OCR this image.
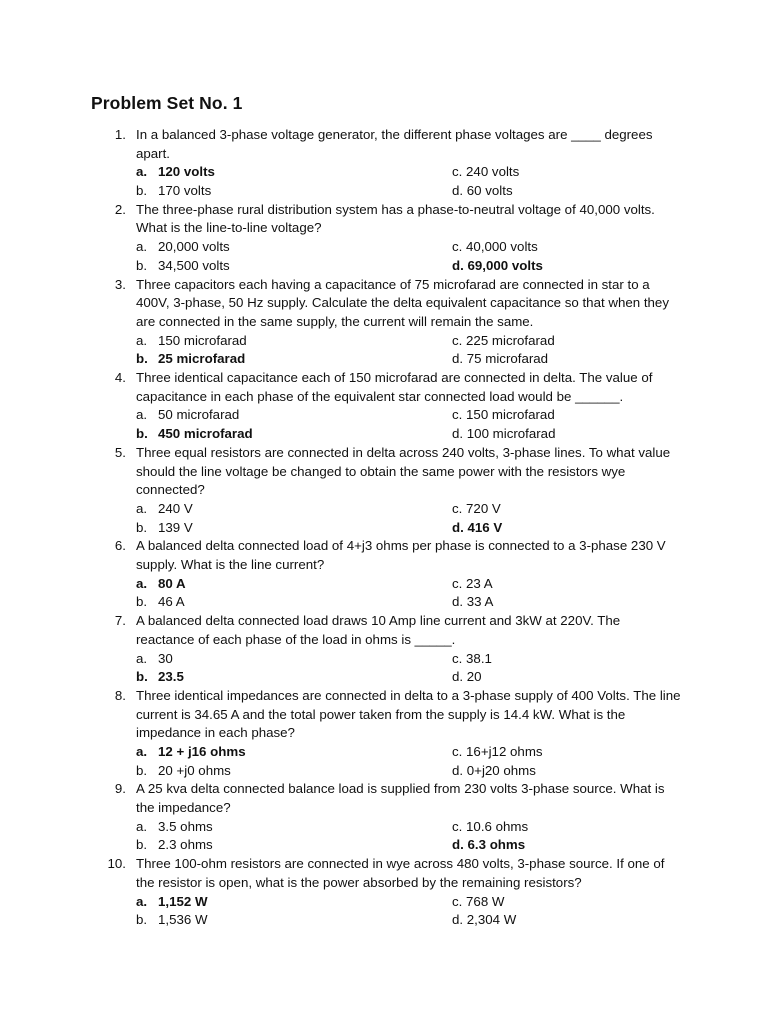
Problem Set No. 1
1. In a balanced 3-phase voltage generator, the different phase voltages are ____ degrees apart.
a. 120 volts	c. 240 volts
b. 170 volts	d. 60 volts
2. The three-phase rural distribution system has a phase-to-neutral voltage of 40,000 volts. What is the line-to-line voltage?
a. 20,000 volts	c. 40,000 volts
b. 34,500 volts	d. 69,000 volts
3. Three capacitors each having a capacitance of 75 microfarad are connected in star to a 400V, 3-phase, 50 Hz supply. Calculate the delta equivalent capacitance so that when they are connected in the same supply, the current will remain the same.
a. 150 microfarad	c. 225 microfarad
b. 25 microfarad	d. 75 microfarad
4. Three identical capacitance each of 150 microfarad are connected in delta. The value of capacitance in each phase of the equivalent star connected load would be ______.
a. 50 microfarad	c. 150 microfarad
b. 450 microfarad	d. 100 microfarad
5. Three equal resistors are connected in delta across 240 volts, 3-phase lines. To what value should the line voltage be changed to obtain the same power with the resistors wye connected?
a. 240 V	c. 720 V
b. 139 V	d. 416 V
6. A balanced delta connected load of 4+j3 ohms per phase is connected to a 3-phase 230 V supply. What is the line current?
a. 80 A	c. 23 A
b. 46 A	d. 33 A
7. A balanced delta connected load draws 10 Amp line current and 3kW at 220V. The reactance of each phase of the load in ohms is _____.
a. 30	c. 38.1
b. 23.5	d. 20
8. Three identical impedances are connected in delta to a 3-phase supply of 400 Volts. The line current is 34.65 A and the total power taken from the supply is 14.4 kW. What is the impedance in each phase?
a. 12 + j16 ohms	c. 16+j12 ohms
b. 20 +j0 ohms	d. 0+j20 ohms
9. A 25 kva delta connected balance load is supplied from 230 volts 3-phase source. What is the impedance?
a. 3.5 ohms	c. 10.6 ohms
b. 2.3 ohms	d. 6.3 ohms
10. Three 100-ohm resistors are connected in wye across 480 volts, 3-phase source. If one of the resistor is open, what is the power absorbed by the remaining resistors?
a. 1,152 W	c. 768 W
b. 1,536 W	d. 2,304 W
